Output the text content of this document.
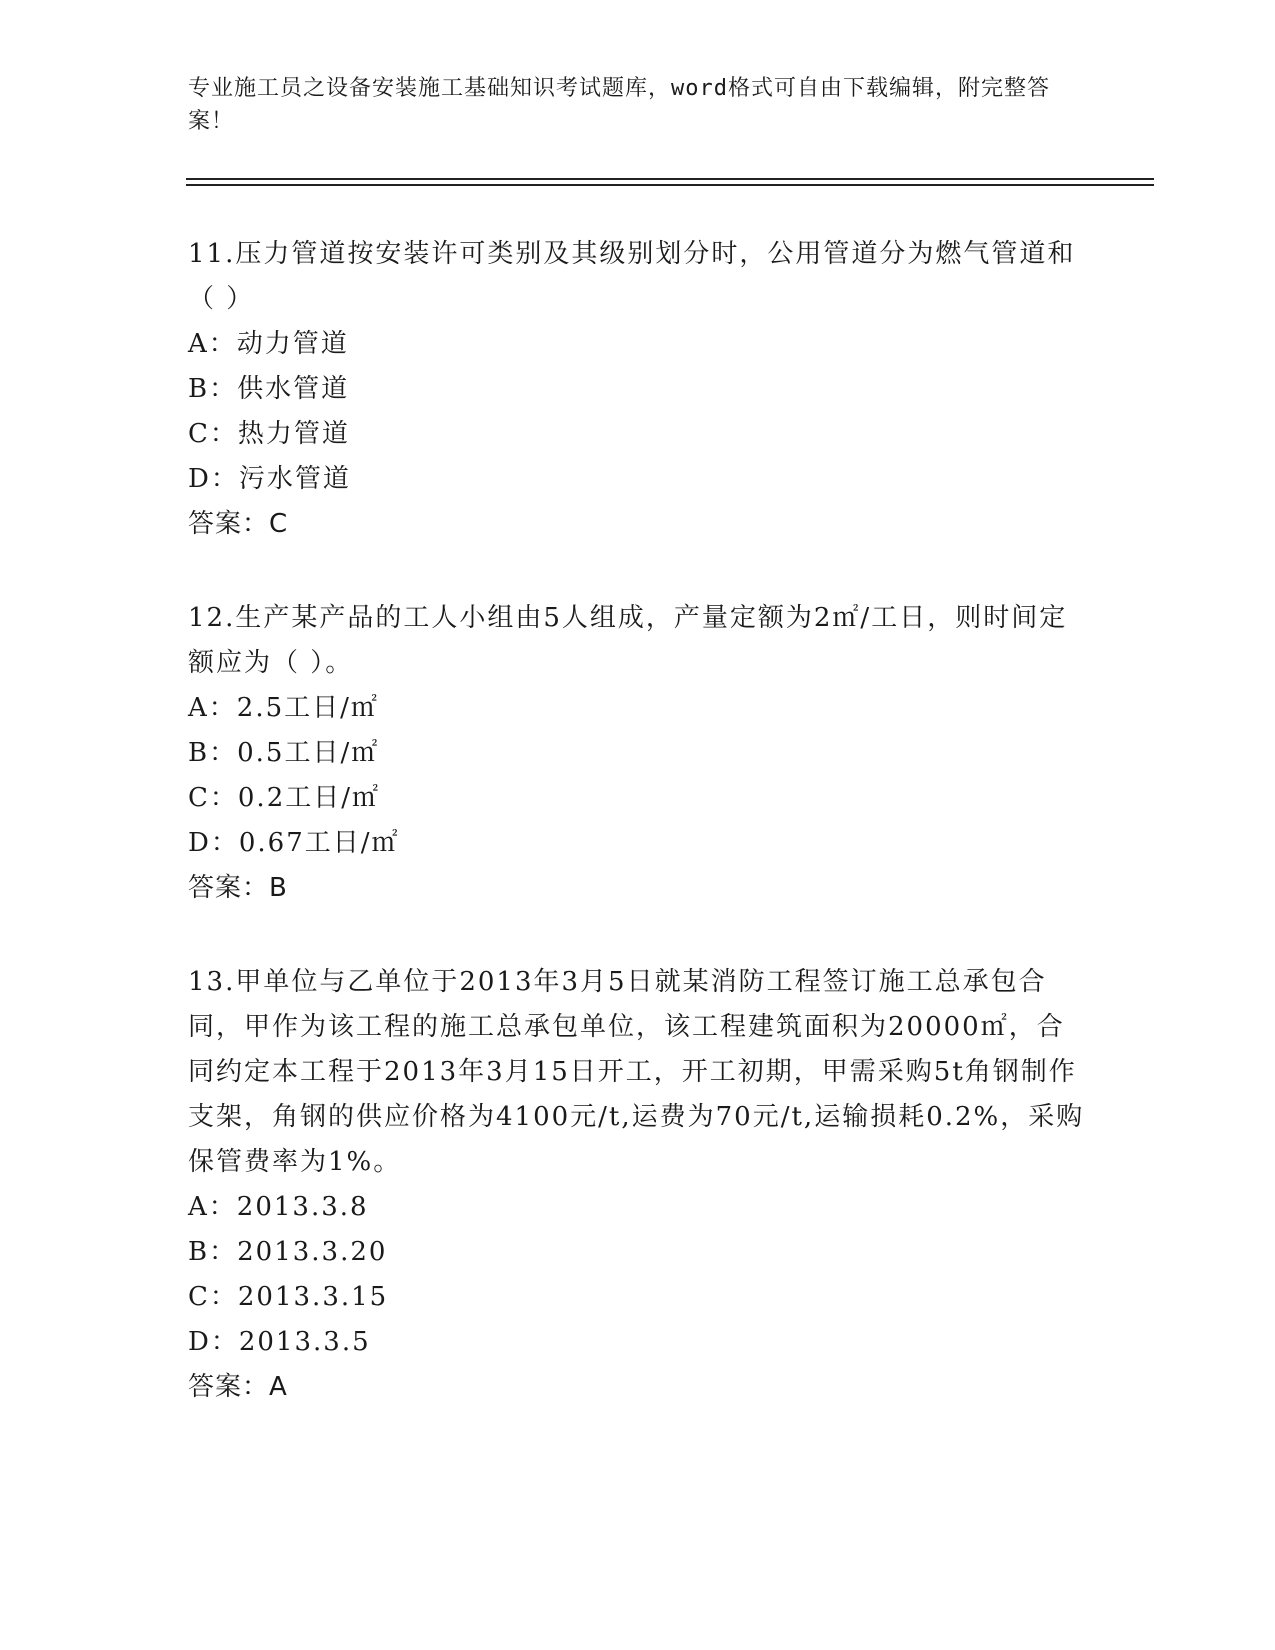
专业施工员之设备安装施工基础知识考试题库，word格式可自由下载编辑，附完整答案！

11.压力管道按安装许可类别及其级别划分时，公用管道分为燃气管道和（ ）

A：动力管道
B：供水管道
C：热力管道
D：污水管道
答案：C

12.生产某产品的工人小组由5人组成，产量定额为2㎡/工日，则时间定额应为（ ）。

A：2.5工日/㎡
B：0.5工日/㎡
C：0.2工日/㎡
D：0.67工日/㎡
答案：B

13.甲单位与乙单位于2013年3月5日就某消防工程签订施工总承包合同，甲作为该工程的施工总承包单位，该工程建筑面积为20000㎡，合同约定本工程于2013年3月15日开工，开工初期，甲需采购5t角钢制作支架，角钢的供应价格为4100元/t,运费为70元/t,运输损耗0.2%，采购保管费率为1%。

A：2013.3.8
B：2013.3.20
C：2013.3.15
D：2013.3.5
答案：A
